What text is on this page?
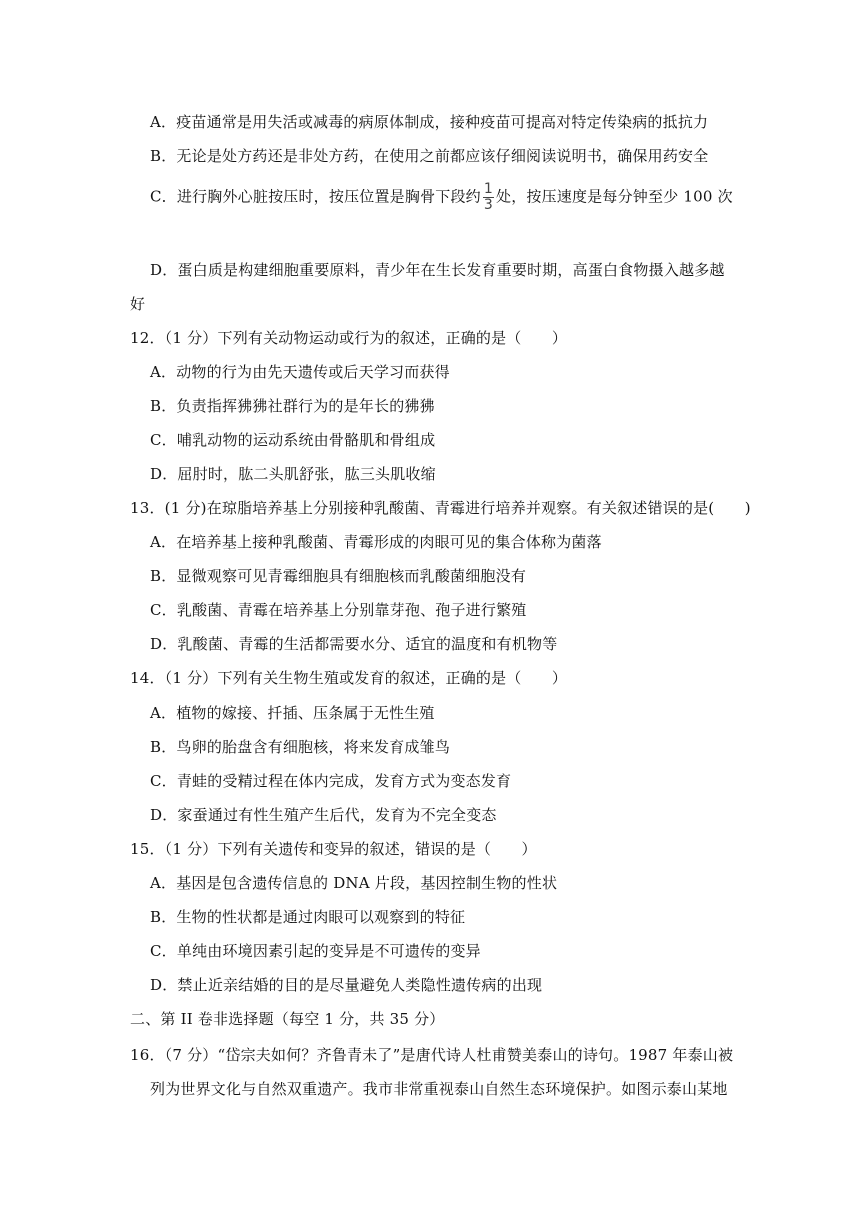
A．疫苗通常是用失活或减毒的病原体制成，接种疫苗可提高对特定传染病的抵抗力
B．无论是处方药还是非处方药，在使用之前都应该仔细阅读说明书，确保用药安全
C．进行胸外心脏按压时，按压位置是胸骨下段约 $\frac{1}{3}$ 处，按压速度是每分钟至少 100 次
D．蛋白质是构建细胞重要原料，青少年在生长发育重要时期，高蛋白食物摄入越多越
好
12．（1 分）下列有关动物运动或行为的叙述，正确的是（　　）
A．动物的行为由先天遗传或后天学习而获得
B．负责指挥狒狒社群行为的是年长的狒狒
C．哺乳动物的运动系统由骨骼肌和骨组成
D．屈肘时，肱二头肌舒张，肱三头肌收缩
13．(1 分)在琼脂培养基上分别接种乳酸菌、青霉进行培养并观察。有关叙述错误的是(　　)
A．在培养基上接种乳酸菌、青霉形成的肉眼可见的集合体称为菌落
B．显微观察可见青霉细胞具有细胞核而乳酸菌细胞没有
C．乳酸菌、青霉在培养基上分别靠芽孢、孢子进行繁殖
D．乳酸菌、青霉的生活都需要水分、适宜的温度和有机物等
14．（1 分）下列有关生物生殖或发育的叙述，正确的是（　　）
A．植物的嫁接、扦插、压条属于无性生殖
B．鸟卵的胎盘含有细胞核，将来发育成雏鸟
C．青蛙的受精过程在体内完成，发育方式为变态发育
D．家蚕通过有性生殖产生后代，发育为不完全变态
15．（1 分）下列有关遗传和变异的叙述，错误的是（　　）
A．基因是包含遗传信息的 DNA 片段，基因控制生物的性状
B．生物的性状都是通过肉眼可以观察到的特征
C．单纯由环境因素引起的变异是不可遗传的变异
D．禁止近亲结婚的目的是尽量避免人类隐性遗传病的出现
二、第 II 卷非选择题（每空 1 分，共 35 分）
16．（7 分）“岱宗夫如何？齐鲁青未了”是唐代诗人杜甫赞美泰山的诗句。1987 年泰山被
列为世界文化与自然双重遗产。我市非常重视泰山自然生态环境保护。如图示泰山某地
